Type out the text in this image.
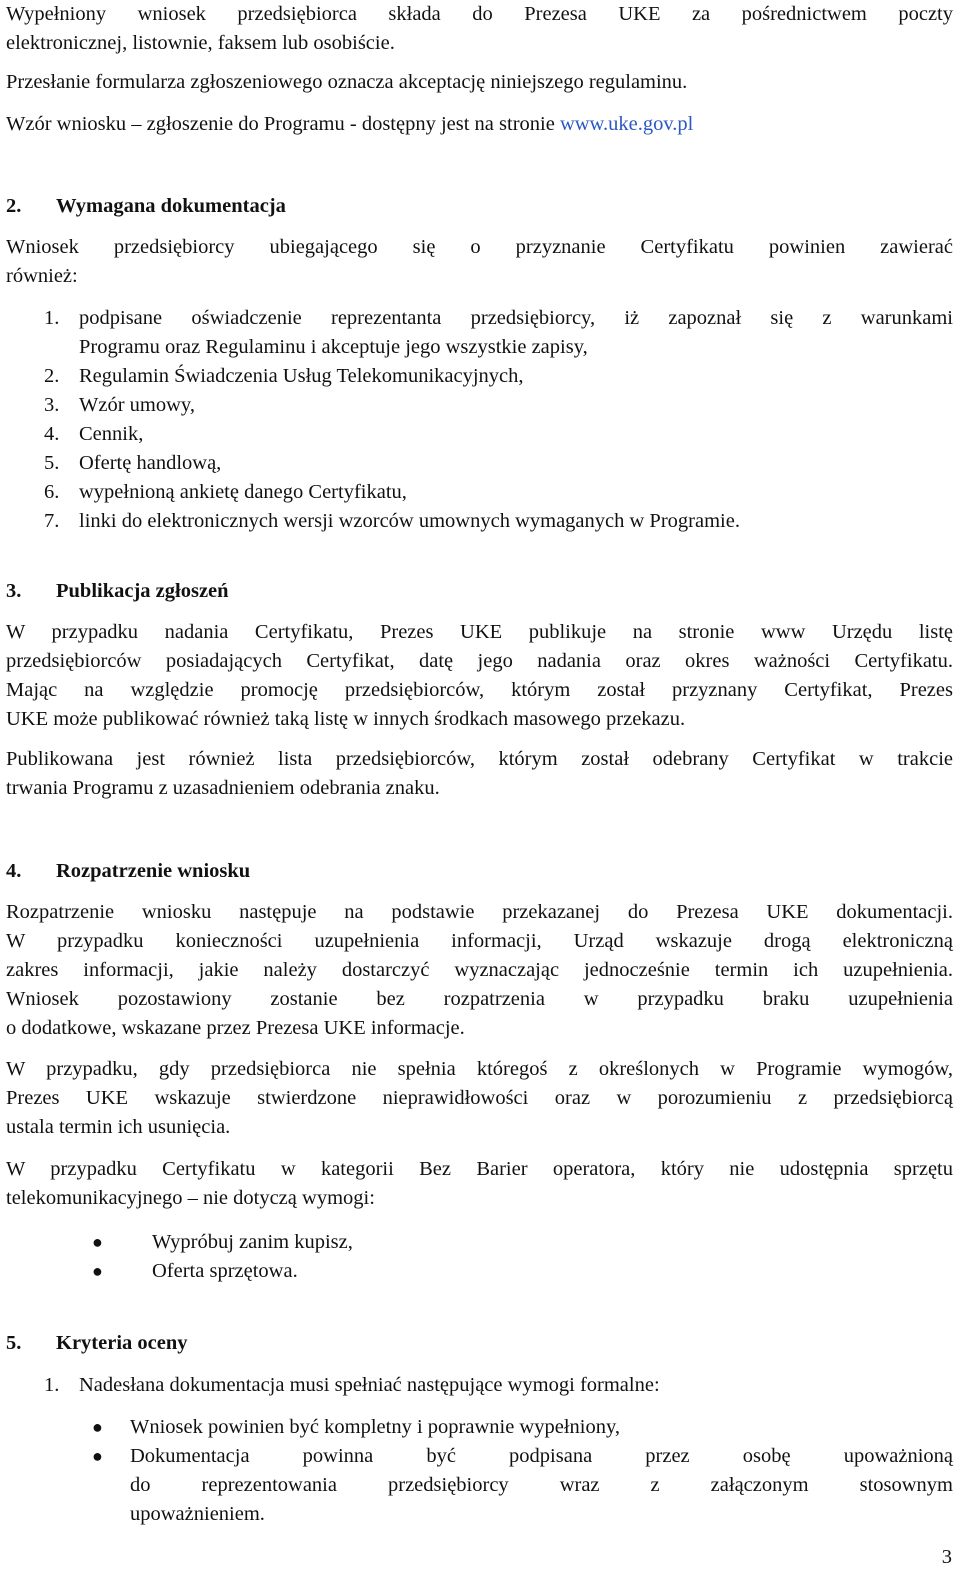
Wypełniony wniosek przedsiębiorca składa do Prezesa UKE za pośrednictwem poczty
elektronicznej, listownie, faksem lub osobiście.
Przesłanie formularza zgłoszeniowego oznacza akceptację niniejszego regulaminu.
Wzór wniosku – zgłoszenie do Programu - dostępny jest na stronie www.uke.gov.pl
2. Wymagana dokumentacja
Wniosek przedsiębiorcy ubiegającego się o przyznanie Certyfikatu powinien zawierać
również:
1. podpisane oświadczenie reprezentanta przedsiębiorcy, iż zapoznał się z warunkami
Programu oraz Regulaminu i akceptuje jego wszystkie zapisy,
2. Regulamin Świadczenia Usług Telekomunikacyjnych,
3. Wzór umowy,
4. Cennik,
5. Ofertę handlową,
6. wypełnioną ankietę danego Certyfikatu,
7. linki do elektronicznych wersji wzorców umownych wymaganych w Programie.
3. Publikacja zgłoszeń
W przypadku nadania Certyfikatu, Prezes UKE publikuje na stronie www Urzędu listę
przedsiębiorców posiadających Certyfikat, datę jego nadania oraz okres ważności Certyfikatu.
Mając na względzie promocję przedsiębiorców, którym został przyznany Certyfikat, Prezes
UKE może publikować również taką listę w innych środkach masowego przekazu.
Publikowana jest również lista przedsiębiorców, którym został odebrany Certyfikat w trakcie
trwania Programu z uzasadnieniem odebrania znaku.
4. Rozpatrzenie wniosku
Rozpatrzenie wniosku następuje na podstawie przekazanej do Prezesa UKE dokumentacji.
W przypadku konieczności uzupełnienia informacji, Urząd wskazuje drogą elektroniczną
zakres informacji, jakie należy dostarczyć wyznaczając jednocześnie termin ich uzupełnienia.
Wniosek pozostawiony zostanie bez rozpatrzenia w przypadku braku uzupełnienia
o dodatkowe, wskazane przez Prezesa UKE informacje.
W przypadku, gdy przedsiębiorca nie spełnia któregoś z określonych w Programie wymogów,
Prezes UKE wskazuje stwierdzone nieprawidłowości oraz w porozumieniu z przedsiębiorcą
ustala termin ich usunięcia.
W przypadku Certyfikatu w kategorii Bez Barier operatora, który nie udostępnia sprzętu
telekomunikacyjnego – nie dotyczą wymogi:
● Wypróbuj zanim kupisz,
● Oferta sprzętowa.
5. Kryteria oceny
1. Nadesłana dokumentacja musi spełniać następujące wymogi formalne:
● Wniosek powinien być kompletny i poprawnie wypełniony,
● Dokumentacja powinna być podpisana przez osobę upoważnioną
do reprezentowania przedsiębiorcy wraz z załączonym stosownym
upoważnieniem.
3
